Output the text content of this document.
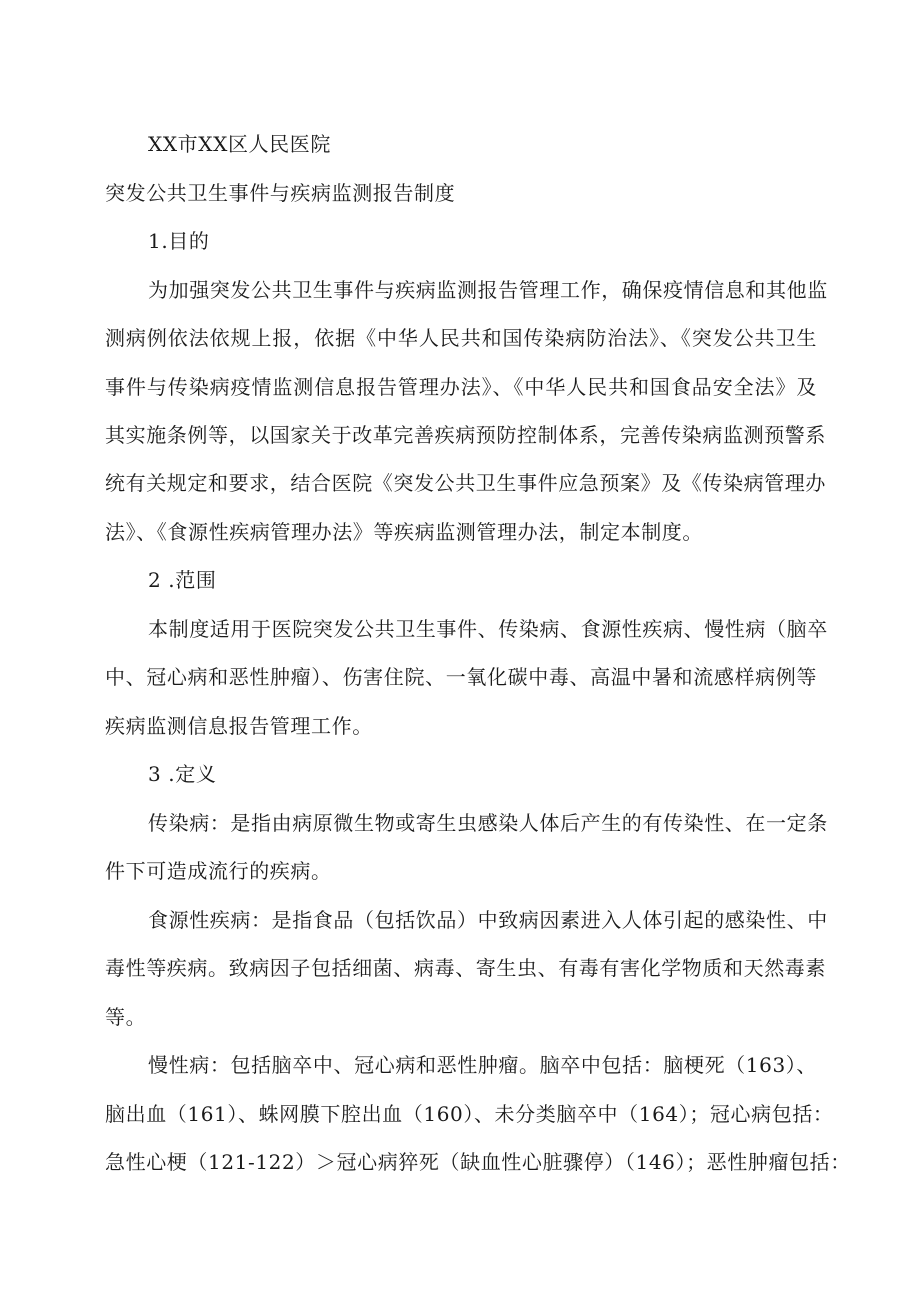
XX市XX区人民医院
突发公共卫生事件与疾病监测报告制度
1.目的
为加强突发公共卫生事件与疾病监测报告管理工作，确保疫情信息和其他监
测病例依法依规上报，依据《中华人民共和国传染病防治法》、《突发公共卫生
事件与传染病疫情监测信息报告管理办法》、《中华人民共和国食品安全法》及
其实施条例等，以国家关于改革完善疾病预防控制体系，完善传染病监测预警系
统有关规定和要求，结合医院《突发公共卫生事件应急预案》及《传染病管理办
法》、《食源性疾病管理办法》等疾病监测管理办法，制定本制度。
2 .范围
本制度适用于医院突发公共卫生事件、传染病、食源性疾病、慢性病（脑卒
中、冠心病和恶性肿瘤）、伤害住院、一氧化碳中毒、高温中暑和流感样病例等
疾病监测信息报告管理工作。
3 .定义
传染病：是指由病原微生物或寄生虫感染人体后产生的有传染性、在一定条
件下可造成流行的疾病。
食源性疾病：是指食品（包括饮品）中致病因素进入人体引起的感染性、中
毒性等疾病。致病因子包括细菌、病毒、寄生虫、有毒有害化学物质和天然毒素
等。
慢性病：包括脑卒中、冠心病和恶性肿瘤。脑卒中包括：脑梗死（163）、
脑出血（161）、蛛网膜下腔出血（160）、未分类脑卒中（164）；冠心病包括：
急性心梗（121-122）＞冠心病猝死（缺血性心脏骤停）（146）；恶性肿瘤包括：
